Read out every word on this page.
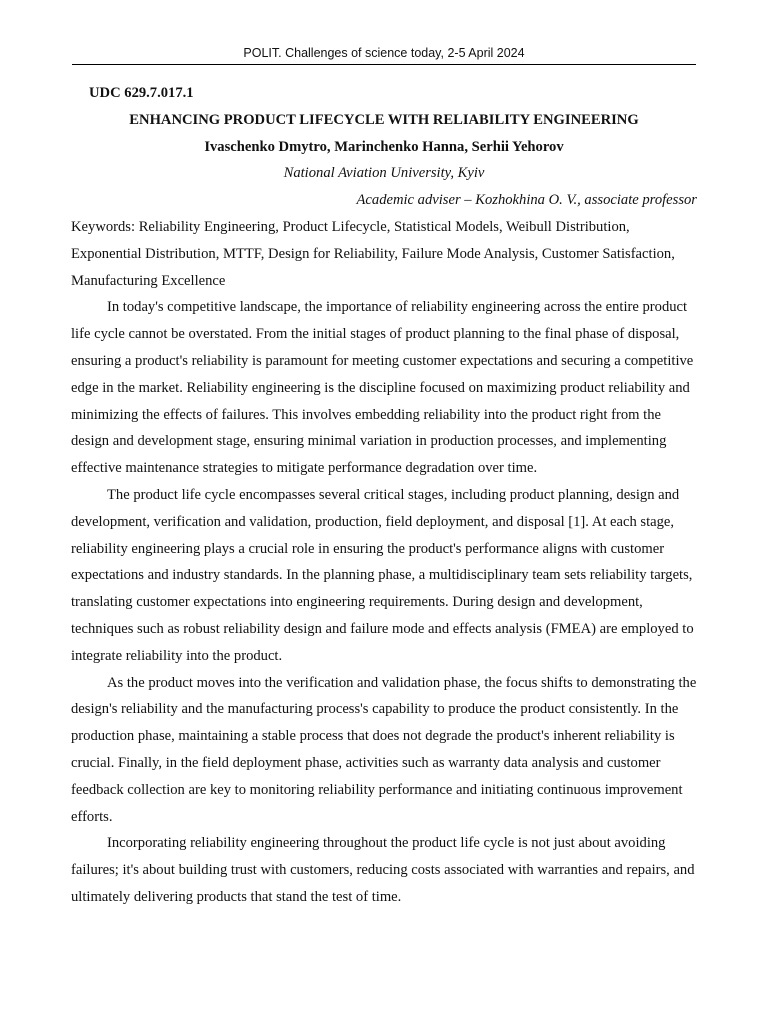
POLIT. Challenges of science today, 2-5 April 2024

UDC 629.7.017.1

ENHANCING PRODUCT LIFECYCLE WITH RELIABILITY ENGINEERING

Ivaschenko Dmytro, Marinchenko Hanna, Serhii Yehorov

National Aviation University, Kyiv

Academic adviser – Kozhokhina O. V., associate professor

Keywords: Reliability Engineering, Product Lifecycle, Statistical Models, Weibull Distribution, Exponential Distribution, MTTF, Design for Reliability, Failure Mode Analysis, Customer Satisfaction, Manufacturing Excellence

In today's competitive landscape, the importance of reliability engineering across the entire product life cycle cannot be overstated. From the initial stages of product planning to the final phase of disposal, ensuring a product's reliability is paramount for meeting customer expectations and securing a competitive edge in the market. Reliability engineering is the discipline focused on maximizing product reliability and minimizing the effects of failures. This involves embedding reliability into the product right from the design and development stage, ensuring minimal variation in production processes, and implementing effective maintenance strategies to mitigate performance degradation over time.

The product life cycle encompasses several critical stages, including product planning, design and development, verification and validation, production, field deployment, and disposal [1]. At each stage, reliability engineering plays a crucial role in ensuring the product's performance aligns with customer expectations and industry standards. In the planning phase, a multidisciplinary team sets reliability targets, translating customer expectations into engineering requirements. During design and development, techniques such as robust reliability design and failure mode and effects analysis (FMEA) are employed to integrate reliability into the product.

As the product moves into the verification and validation phase, the focus shifts to demonstrating the design's reliability and the manufacturing process's capability to produce the product consistently. In the production phase, maintaining a stable process that does not degrade the product's inherent reliability is crucial. Finally, in the field deployment phase, activities such as warranty data analysis and customer feedback collection are key to monitoring reliability performance and initiating continuous improvement efforts.

Incorporating reliability engineering throughout the product life cycle is not just about avoiding failures; it's about building trust with customers, reducing costs associated with warranties and repairs, and ultimately delivering products that stand the test of time.
